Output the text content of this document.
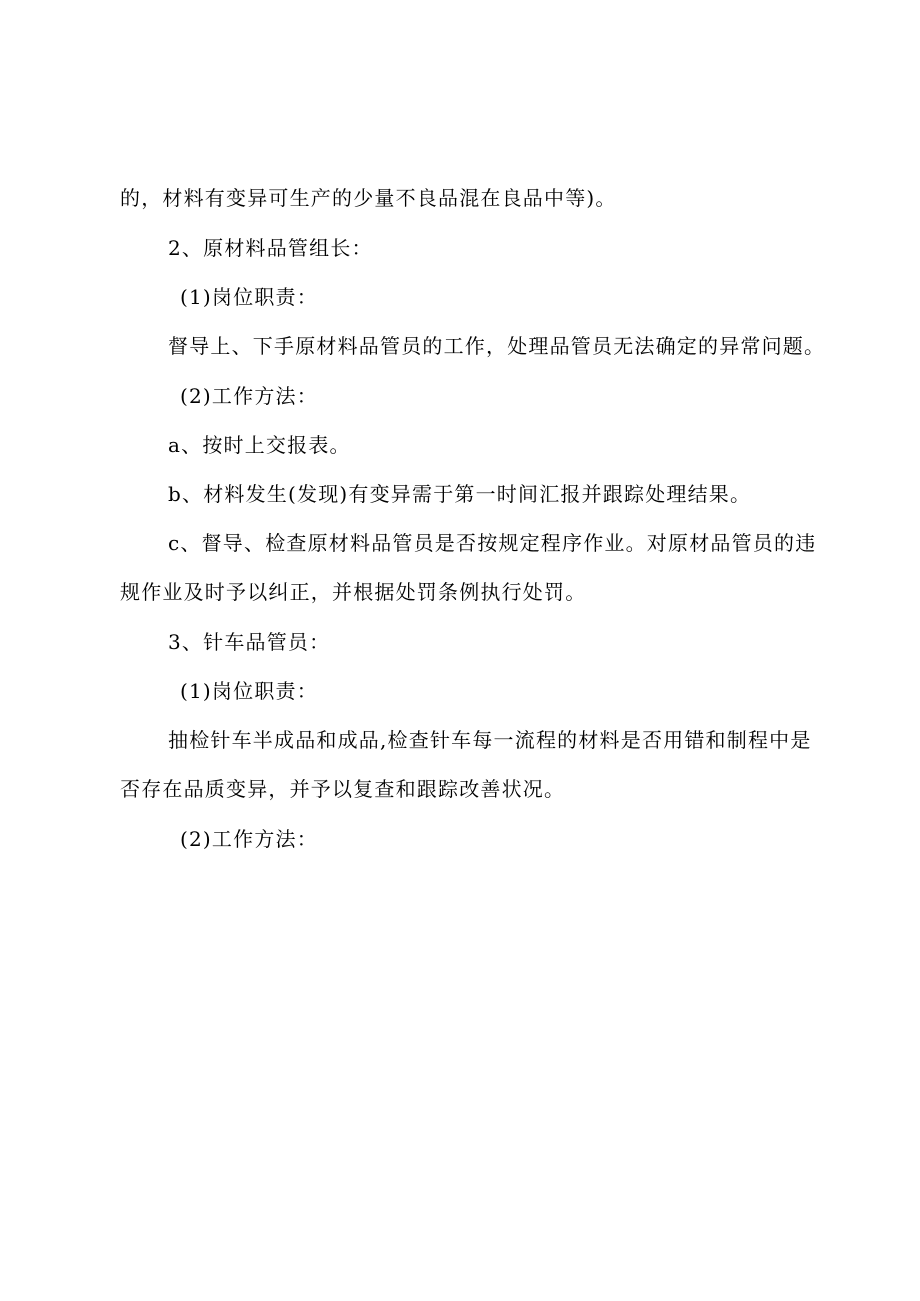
的，材料有变异可生产的少量不良品混在良品中等)。
2、原材料品管组长：
(1)岗位职责：
督导上、下手原材料品管员的工作，处理品管员无法确定的异常问题。
(2)工作方法：
a、按时上交报表。
b、材料发生(发现)有变异需于第一时间汇报并跟踪处理结果。
c、督导、检查原材料品管员是否按规定程序作业。对原材品管员的违
规作业及时予以纠正，并根据处罚条例执行处罚。
3、针车品管员：
(1)岗位职责：
抽检针车半成品和成品,检查针车每一流程的材料是否用错和制程中是
否存在品质变异，并予以复查和跟踪改善状况。
(2)工作方法：
